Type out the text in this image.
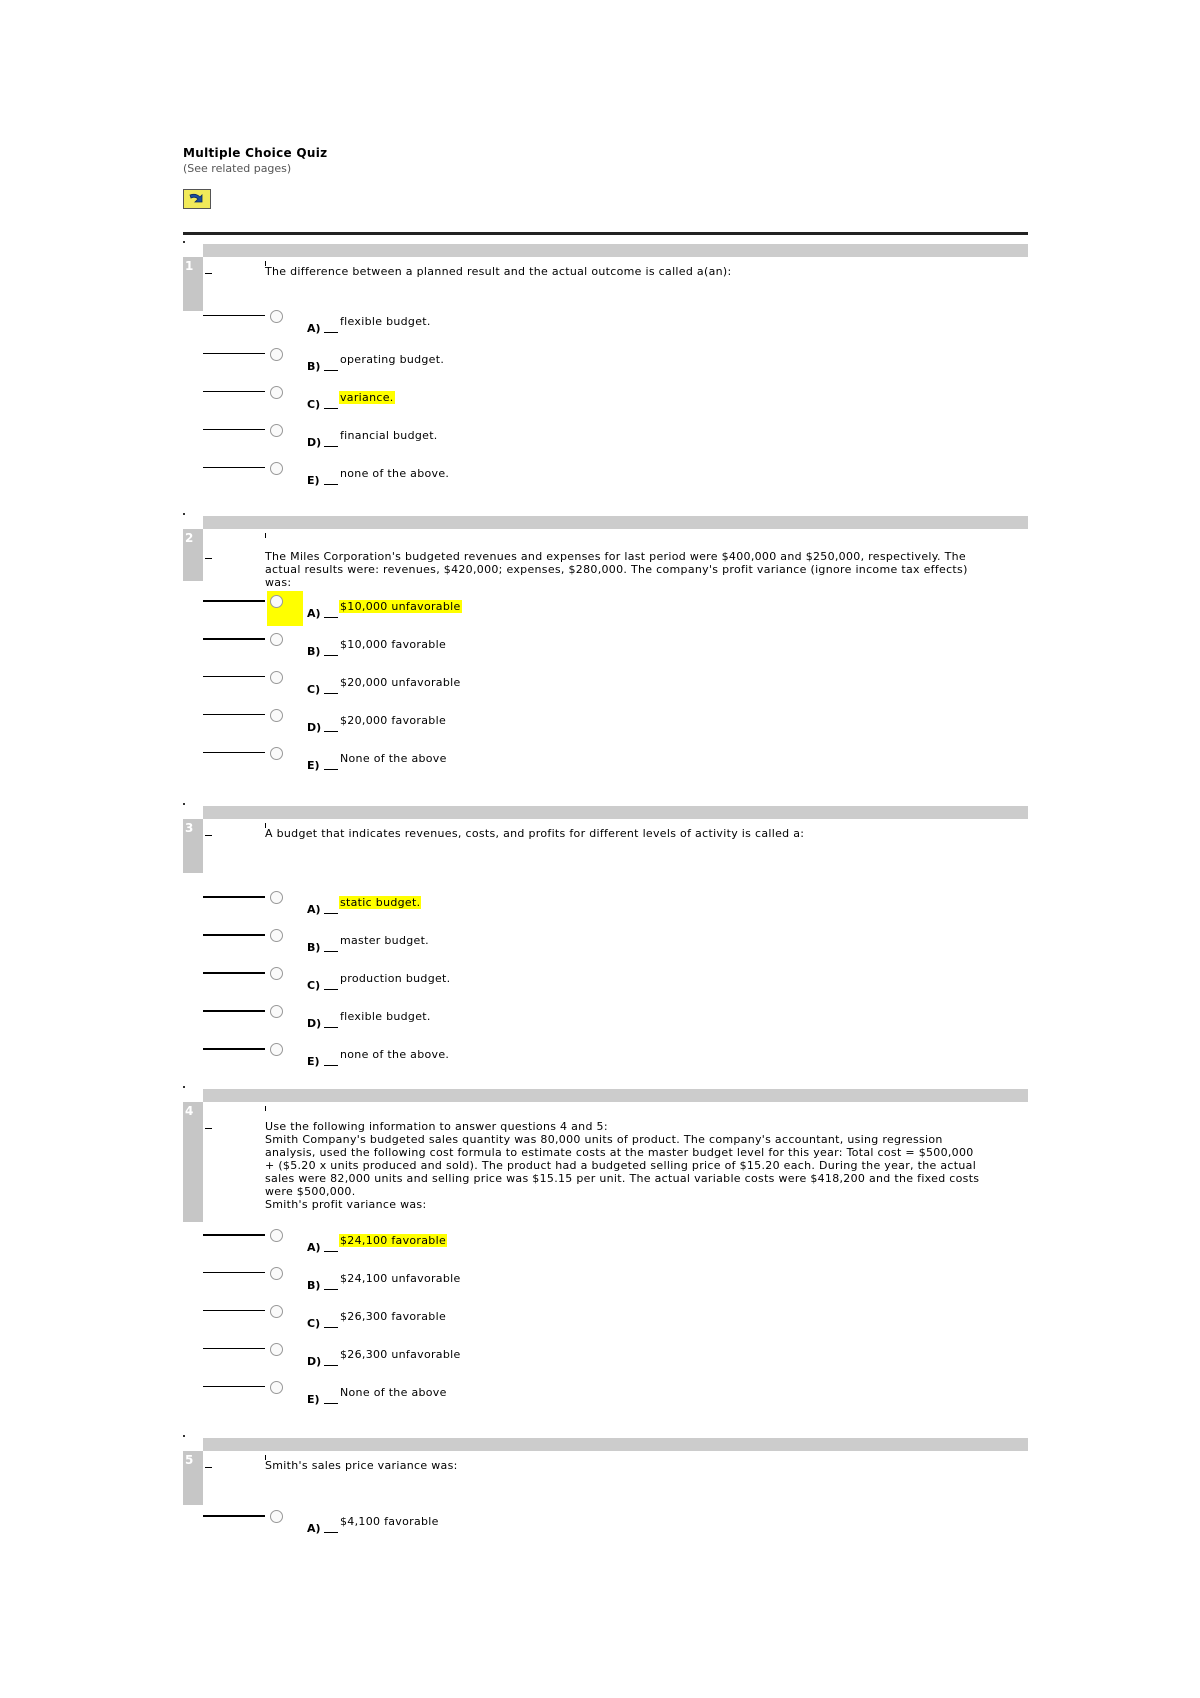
Multiple Choice Quiz
(See related pages)
1	The difference between a planned result and the actual outcome is called a(an):
A)
flexible budget.
B)
operating budget.
C)
variance.
D)
financial budget.
E)
none of the above.
2
The Miles Corporation's budgeted revenues and expenses for last period were $400,000 and $250,000, respectively. The
actual results were: revenues, $420,000; expenses, $280,000. The company's profit variance (ignore income tax effects)
was:
A)
$10,000 unfavorable
B)
$10,000 favorable
C)
$20,000 unfavorable
D)
$20,000 favorable
E)
None of the above
3	A budget that indicates revenues, costs, and profits for different levels of activity is called a:
A)
static budget.
B)
master budget.
C)
production budget.
D)
flexible budget.
E)
none of the above.
4
Use the following information to answer questions 4 and 5:
Smith Company's budgeted sales quantity was 80,000 units of product. The company's accountant, using regression
analysis, used the following cost formula to estimate costs at the master budget level for this year: Total cost = $500,000
+ ($5.20 x units produced and sold). The product had a budgeted selling price of $15.20 each. During the year, the actual
sales were 82,000 units and selling price was $15.15 per unit. The actual variable costs were $418,200 and the fixed costs
were $500,000.
Smith's profit variance was:
A)
$24,100 favorable
B)
$24,100 unfavorable
C)
$26,300 favorable
D)
$26,300 unfavorable
E)
None of the above
5	Smith's sales price variance was:
A)
$4,100 favorable
